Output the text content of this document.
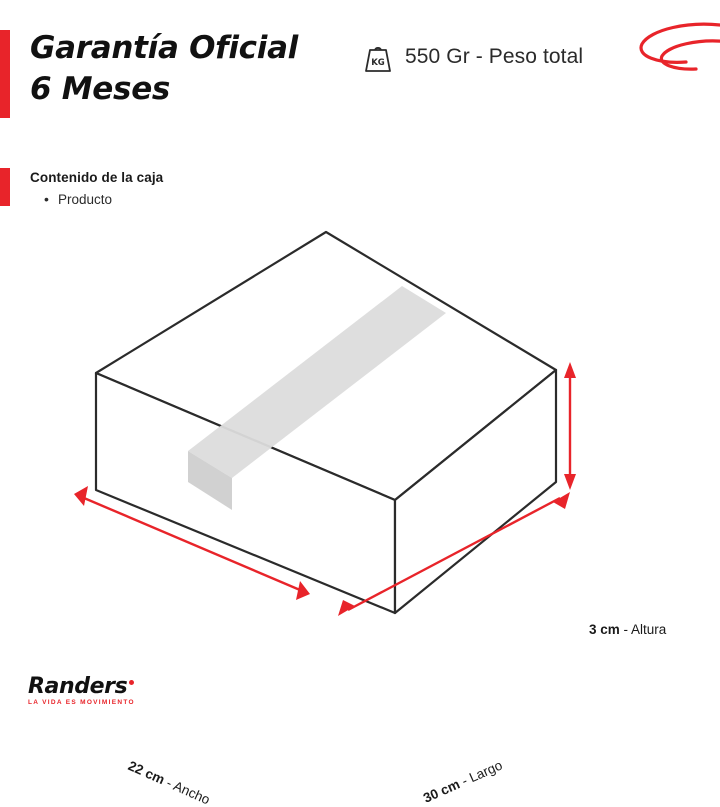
Garantía Oficial
6 Meses
KG 550 Gr - Peso total
Contenido de la caja
• Producto
3 cm - Altura
22 cm - Ancho	30 cm - Largo
Randers
LA VIDA ES MOVIMIENTO
